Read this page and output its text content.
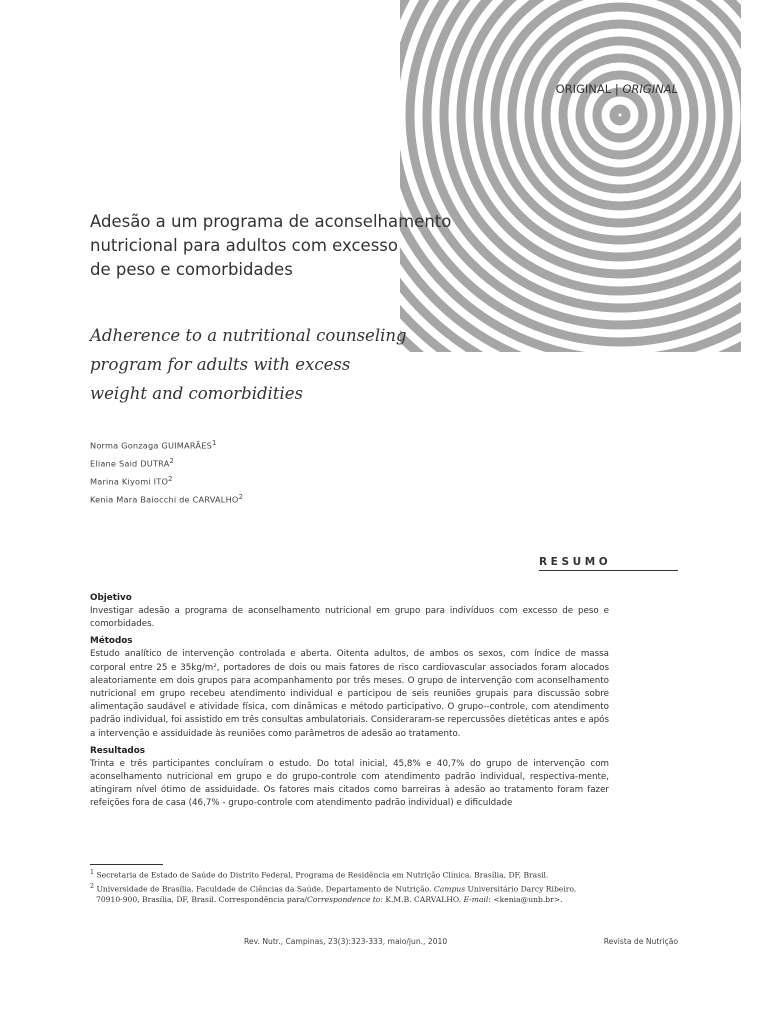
ORIGINAL | ORIGINAL
Adesão a um programa de aconselhamento
nutricional para adultos com excesso
de peso e comorbidades
Adherence to a nutritional counseling
program for adults with excess
weight and comorbidities
Norma Gonzaga GUIMARÃES$^1$
Eliane Said DUTRA$^2$
Marina Kiyomi ITO$^2$
Kenia Mara Baiocchi de CARVALHO$^2$
RESUMO
Objetivo

Investigar adesão a programa de aconselhamento nutricional em grupo para indivíduos com excesso de peso e comorbidades.

Métodos

Estudo analítico de intervenção controlada e aberta. Oitenta adultos, de ambos os sexos, com índice de massa corporal entre 25 e 35kg/m², portadores de dois ou mais fatores de risco cardiovascular associados foram alocados aleatoriamente em dois grupos para acompanhamento por três meses. O grupo de intervenção com aconselhamento nutricional em grupo recebeu atendimento individual e participou de seis reuniões grupais para discussão sobre alimentação saudável e atividade física, com dinâmicas e método participativo. O grupo--controle, com atendimento padrão individual, foi assistido em três consultas ambulatoriais. Consideraram-se repercussões dietéticas antes e após a intervenção e assiduidade às reuniões como parâmetros de adesão ao tratamento.

Resultados

Trinta e três participantes concluíram o estudo. Do total inicial, 45,8% e 40,7% do grupo de intervenção com aconselhamento nutricional em grupo e do grupo-controle com atendimento padrão individual, respectiva-mente, atingiram nível ótimo de assiduidade. Os fatores mais citados como barreiras à adesão ao tratamento foram fazer refeições fora de casa (46,7% - grupo-controle com atendimento padrão individual) e dificuldade

$^1$ Secretaria de Estado de Saúde do Distrito Federal, Programa de Residência em Nutrição Clínica. Brasília, DF, Brasil.

$^2$ Universidade de Brasília, Faculdade de Ciências da Saúde, Departamento de Nutrição. Campus Universitário Darcy Ribeiro,

70910-900, Brasília, DF, Brasil. Correspondência para/Correspondence to: K.M.B. CARVALHO. E-mail: <kenia@unb.br>.

Rev. Nutr., Campinas, 23(3):323-333, maio/jun., 2010	Revista de Nutrição
